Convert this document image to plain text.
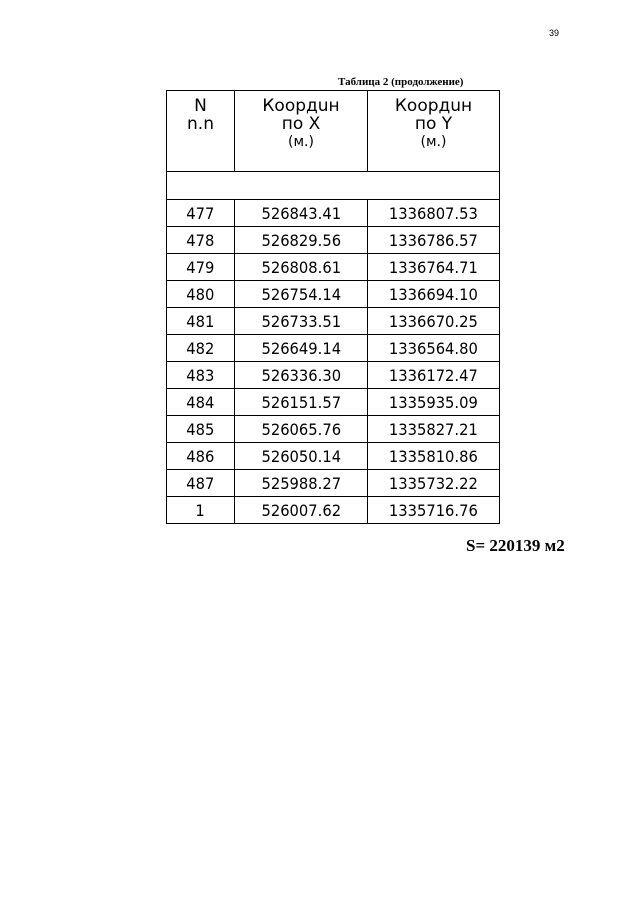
39
Таблица 2 (продолжение)
N
n.n	Коордuн
по X
(м.)	Коордuн
по Y
(м.)

477	526843.41	1336807.53
478	526829.56	1336786.57
479	526808.61	1336764.71
480	526754.14	1336694.10
481	526733.51	1336670.25
482	526649.14	1336564.80
483	526336.30	1336172.47
484	526151.57	1335935.09
485	526065.76	1335827.21
486	526050.14	1335810.86
487	525988.27	1335732.22
1	526007.62	1335716.76
S= 220139 м2
